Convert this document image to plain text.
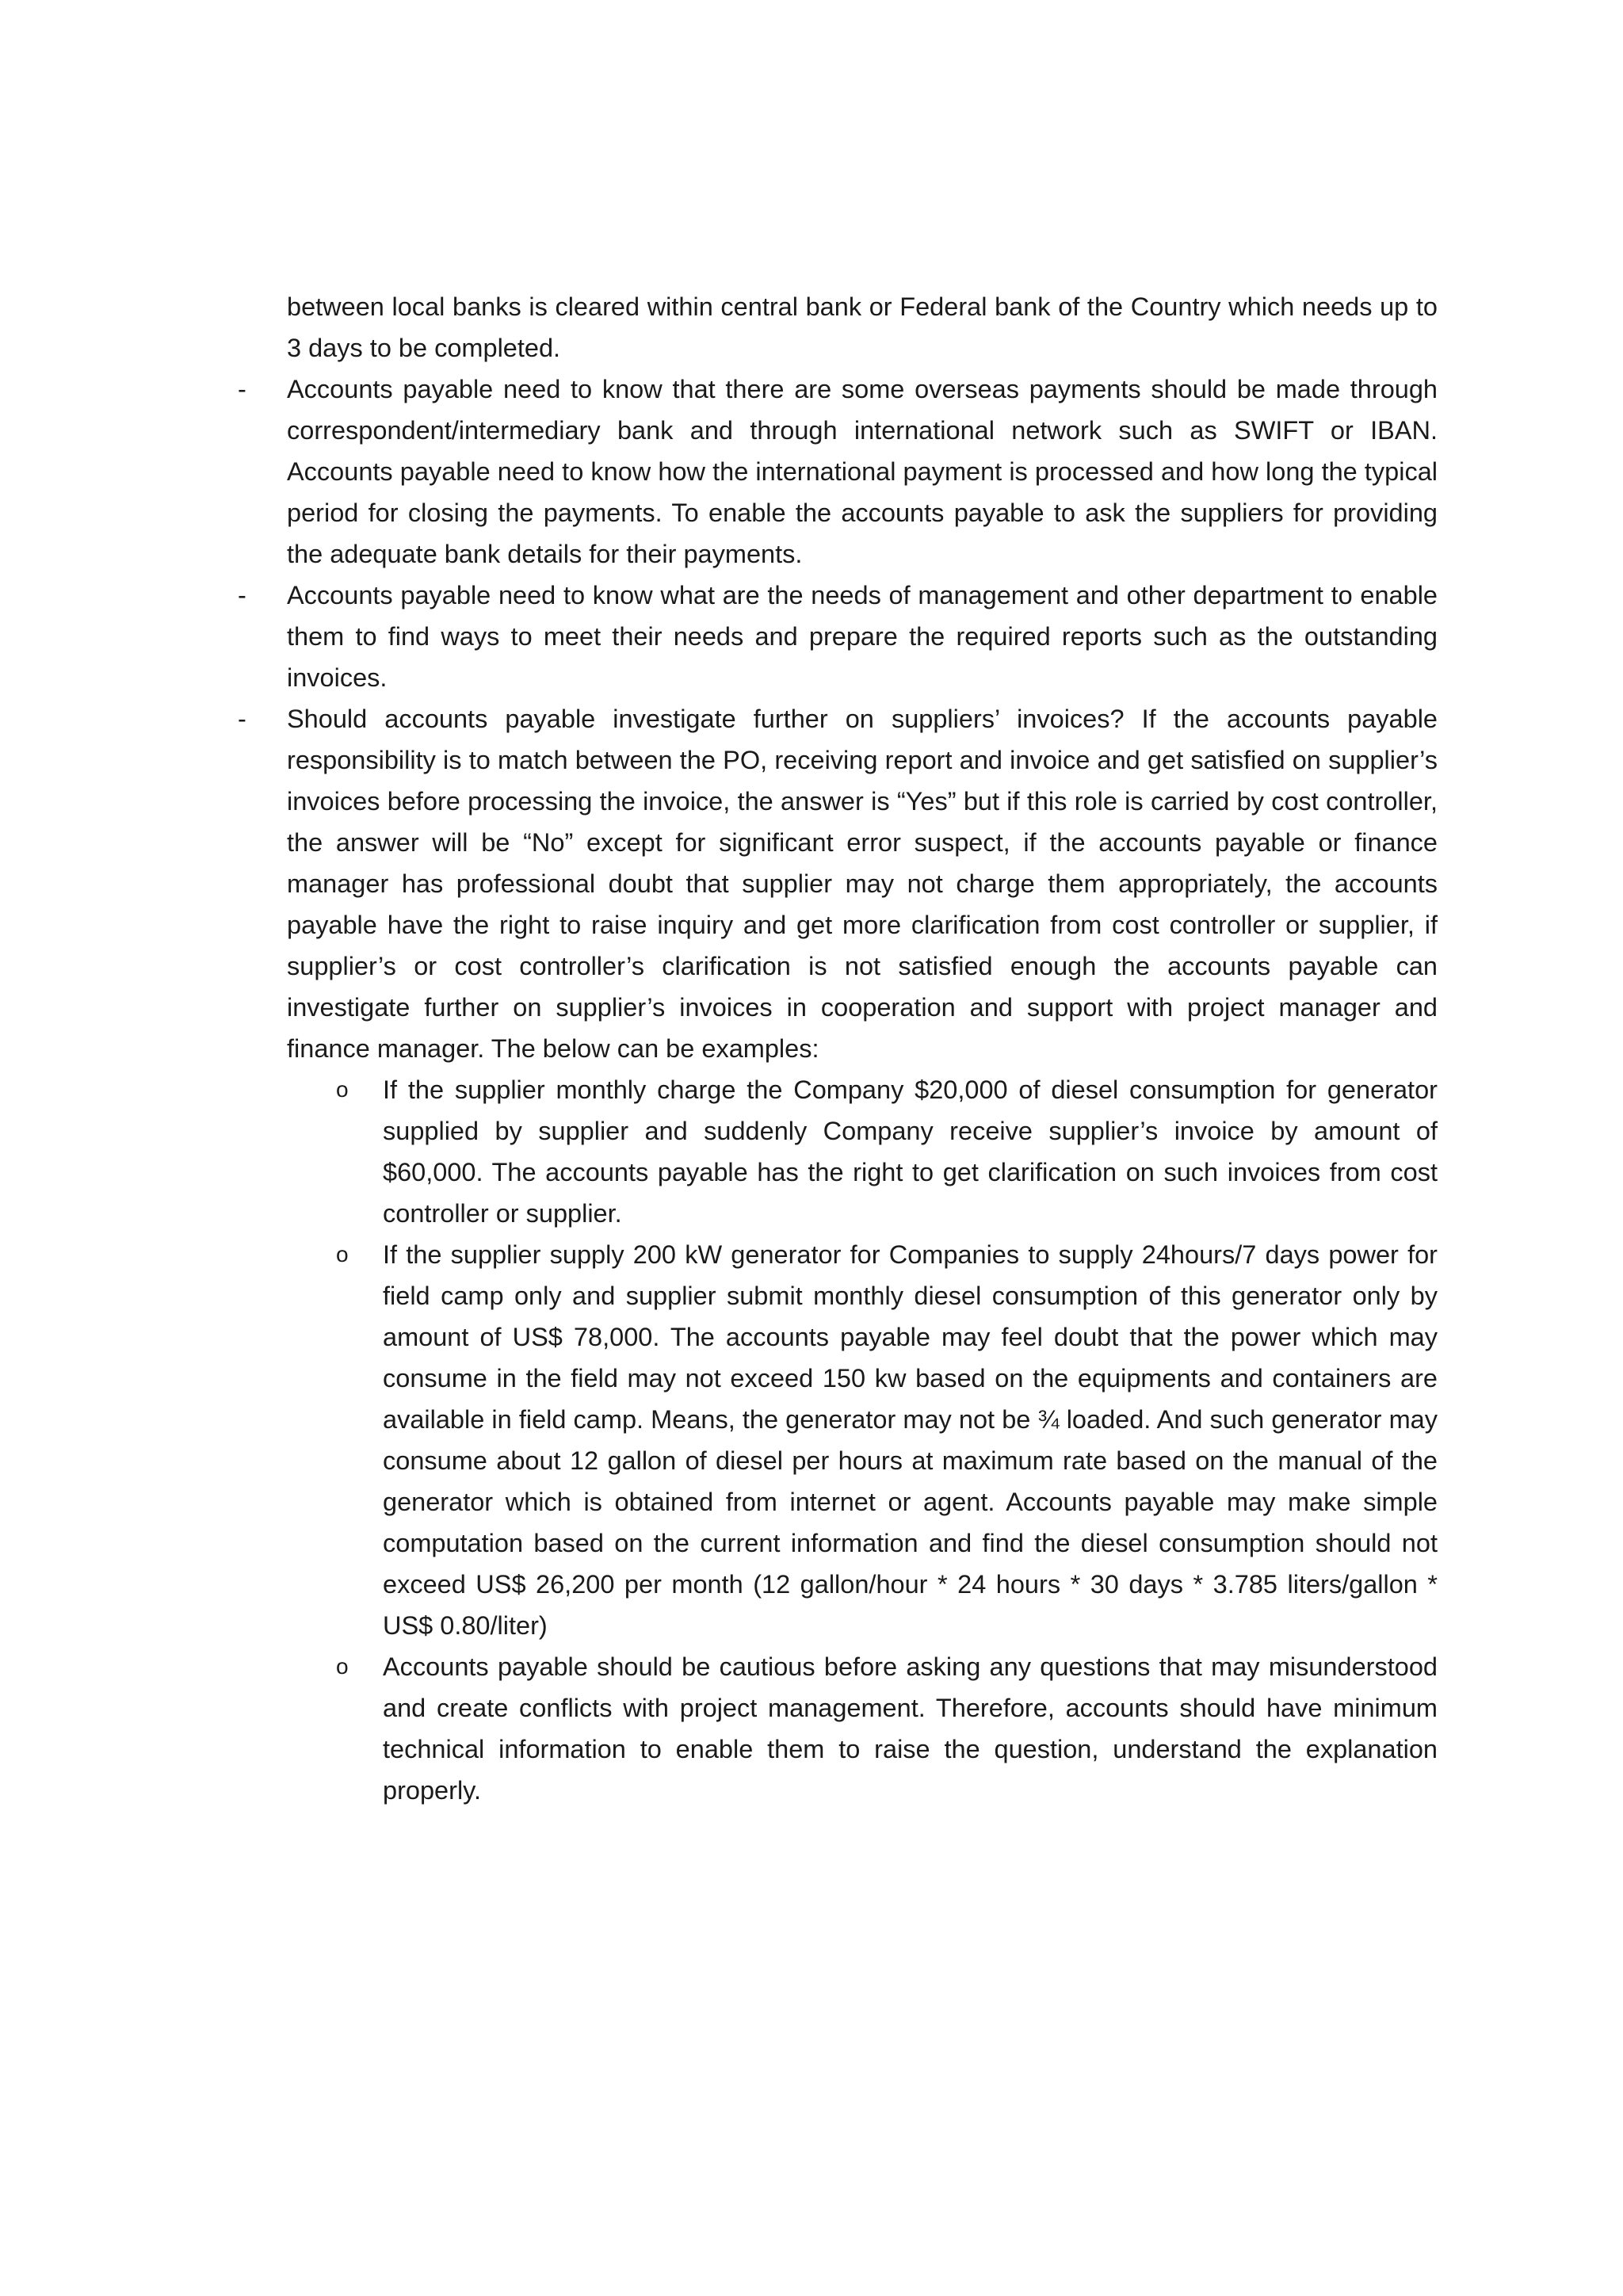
between local banks is cleared within central bank or Federal bank of the Country which needs up to 3 days to be completed.

- Accounts payable need to know that there are some overseas payments should be made through correspondent/intermediary bank and through international network such as SWIFT or IBAN. Accounts payable need to know how the international payment is processed and how long the typical period for closing the payments. To enable the accounts payable to ask the suppliers for providing the adequate bank details for their payments.
- Accounts payable need to know what are the needs of management and other department to enable them to find ways to meet their needs and prepare the required reports such as the outstanding invoices.
- Should accounts payable investigate further on suppliers’ invoices? If the accounts payable responsibility is to match between the PO, receiving report and invoice and get satisfied on supplier’s invoices before processing the invoice, the answer is “Yes” but if this role is carried by cost controller, the answer will be “No” except for significant error suspect, if the accounts payable or finance manager has professional doubt that supplier may not charge them appropriately, the accounts payable have the right to raise inquiry and get more clarification from cost controller or supplier, if supplier’s or cost controller’s clarification is not satisfied enough the accounts payable can investigate further on supplier’s invoices in cooperation and support with project manager and finance manager. The below can be examples:
o If the supplier monthly charge the Company $20,000 of diesel consumption for generator supplied by supplier and suddenly Company receive supplier’s invoice by amount of $60,000. The accounts payable has the right to get clarification on such invoices from cost controller or supplier.
o If the supplier supply 200 kW generator for Companies to supply 24hours/7 days power for field camp only and supplier submit monthly diesel consumption of this generator only by amount of US$ 78,000. The accounts payable may feel doubt that the power which may consume in the field may not exceed 150 kw based on the equipments and containers are available in field camp. Means, the generator may not be ¾ loaded. And such generator may consume about 12 gallon of diesel per hours at maximum rate based on the manual of the generator which is obtained from internet or agent. Accounts payable may make simple computation based on the current information and find the diesel consumption should not exceed US$ 26,200 per month (12 gallon/hour * 24 hours * 30 days * 3.785 liters/gallon * US$ 0.80/liter)
o Accounts payable should be cautious before asking any questions that may misunderstood and create conflicts with project management. Therefore, accounts should have minimum technical information to enable them to raise the question, understand the explanation properly.
